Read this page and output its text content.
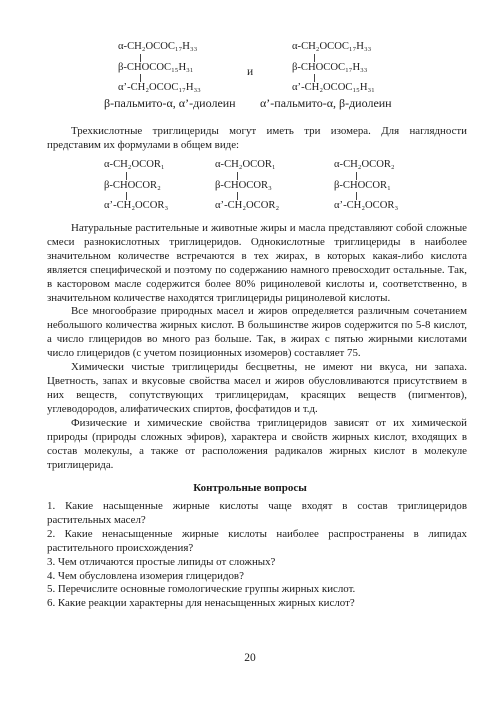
α-CH₂OCOC₁₇H₃₃
β-CHOCOC₁₅H₃₁
α’-CH₂OCOC₁₇H₃₃
β-пальмито-α, α’-диолеин
и
α-CH₂OCOC₁₇H₃₃
β-CHOCOC₁₇H₃₃
α’-CH₂OCOC₁₅H₃₁
α’-пальмито-α, β-диолеин

Трехкислотные триглицериды могут иметь три изомера. Для наглядности представим их формулами в общем виде:

α-CH₂OCOR₁
β-CHOCOR₂
α’-CH₂OCOR₃
α-CH₂OCOR₁
β-CHOCOR₃
α’-CH₂OCOR₂
α-CH₂OCOR₂
β-CHOCOR₁
α’-CH₂OCOR₃

Натуральные растительные и животные жиры и масла представляют собой сложные смеси разнокислотных триглицеридов. Однокислотные триглицериды в наиболее значительном количестве встречаются в тех жирах, в которых какая-либо кислота является специфической и поэтому по содержанию намного превосходит остальные. Так, в касторовом масле содержится более 80% рицинолевой кислоты и, соответственно, в значительном количестве находятся триглицериды рицинолевой кислоты.

Все многообразие природных масел и жиров определяется различным сочетанием небольшого количества жирных кислот. В большинстве жиров содержится по 5-8 кислот, а число глицеридов во много раз больше. Так, в жирах с пятью жирными кислотами число глицеридов (с учетом позиционных изомеров) составляет 75.

Химически чистые триглицериды бесцветны, не имеют ни вкуса, ни запаха. Цветность, запах и вкусовые свойства масел и жиров обусловливаются присутствием в них веществ, сопутствующих триглицеридам, красящих веществ (пигментов), углеводородов, алифатических спиртов, фосфатидов и т.д.

Контрольные вопросы
1. Какие насыщенные жирные кислоты чаще входят в состав триглицеридов растительных масел?
2. Какие ненасыщенные жирные кислоты наиболее распространены в липидах растительного происхождения?
3. Чем отличаются простые липиды от сложных?
4. Чем обусловлена изомерия глицеридов?
5. Перечислите основные гомологические группы жирных кислот.
6. Какие реакции характерны для ненасыщенных жирных кислот?
20

Физические и химические свойства триглицеридов зависят от их химической природы (природы сложных эфиров), характера и свойств жирных кислот, входящих в состав молекулы, а также от расположения радикалов жирных кислот в молекуле триглицерида.
